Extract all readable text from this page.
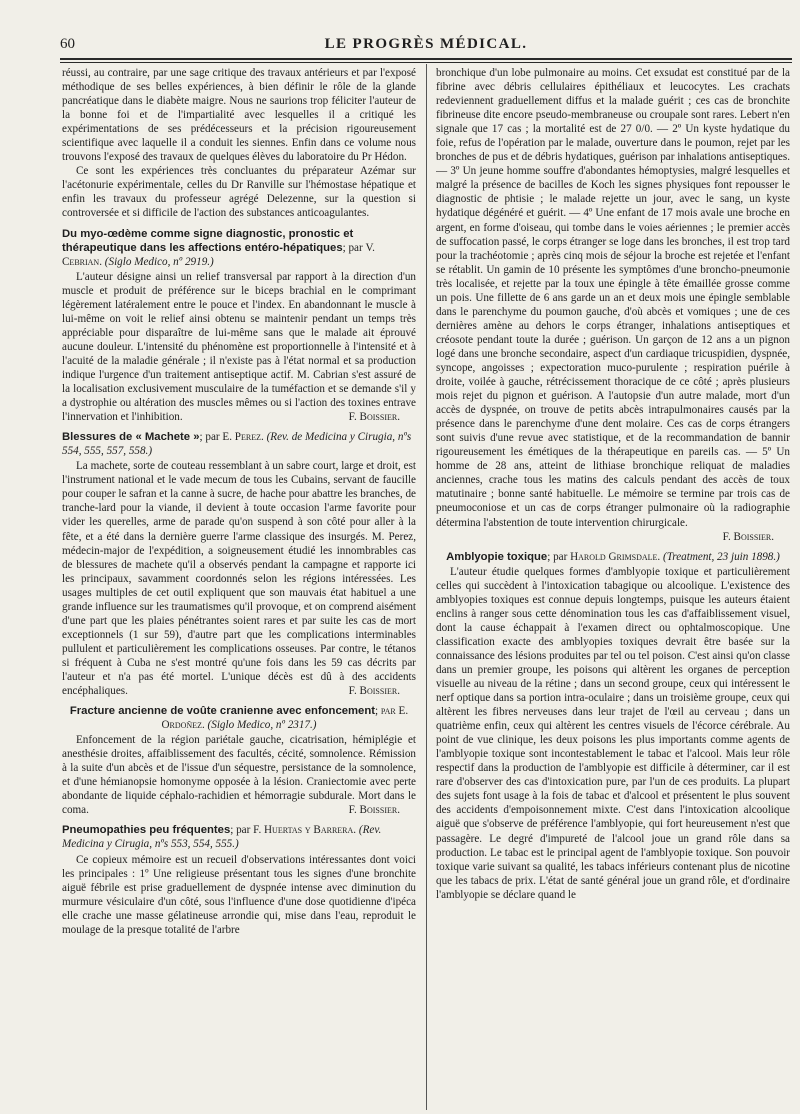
60	LE PROGRÈS MÉDICAL.

réussi, au contraire, par une sage critique des travaux antérieurs et par l'exposé méthodique de ses belles expériences, à bien définir le rôle de la glande pancréatique dans le diabète maigre. Nous ne saurions trop féliciter l'auteur de la bonne foi et de l'impartialité avec lesquelles il a critiqué les expérimentations de ses prédécesseurs et la précision rigoureusement scientifique avec laquelle il a conduit les siennes. Enfin dans ce volume nous trouvons l'exposé des travaux de quelques élèves du laboratoire du Pr Hédon.

Ce sont les expériences très concluantes du préparateur Azémar sur l'acétonurie expérimentale, celles du Dr Ranville sur l'hémostase hépatique et enfin les travaux du professeur agrégé Delezenne, sur la question si controversée et si difficile de l'action des substances anticoagulantes.

Du myo-œdème comme signe diagnostic, pronostic et thérapeutique dans les affections entéro-hépatiques; par V. Cebrian. (Siglo Medico, nº 2919.)

L'auteur désigne ainsi un relief transversal par rapport à la direction d'un muscle et produit de préférence sur le biceps brachial en le comprimant légèrement latéralement entre le pouce et l'index. En abandonnant le muscle à lui-même on voit le relief ainsi obtenu se maintenir pendant un temps très appréciable pour disparaître de lui-même sans que le malade ait éprouvé aucune douleur. L'intensité du phénomène est proportionnelle à l'intensité et à l'acuité de la maladie générale ; il n'existe pas à l'état normal et sa production indique l'urgence d'un traitement antiseptique actif. M. Cabrian s'est assuré de la localisation exclusivement musculaire de la tuméfaction et se demande s'il y a dystrophie ou altération des muscles mêmes ou si l'action des toxines entrave l'innervation et l'inhibition.	F. Boissier.

Blessures de « Machete »; par E. Perez. (Rev. de Medicina y Cirugia, nºs 554, 555, 557, 558.)

La machete, sorte de couteau ressemblant à un sabre court, large et droit, est l'instrument national et le vade mecum de tous les Cubains, servant de faucille pour couper le safran et la canne à sucre, de hache pour abattre les branches, de tranche-lard pour la viande, il devient à toute occasion l'arme favorite pour vider les querelles, arme de parade qu'on suspend à son côté pour aller à la fête, et a été dans la dernière guerre l'arme classique des insurgés. M. Perez, médecin-major de l'expédition, a soigneusement étudié les innombrables cas de blessures de machete qu'il a observés pendant la campagne et rapporte ici les principaux, savamment coordonnés selon les régions intéressées. Les usages multiples de cet outil expliquent que son mauvais état habituel a une grande influence sur les traumatismes qu'il provoque, et on comprend aisément d'une part que les plaies pénétrantes soient rares et par suite les cas de mort exceptionnels (1 sur 59), d'autre part que les complications interminables pullulent et particulièrement les complications osseuses. Par contre, le tétanos si fréquent à Cuba ne s'est montré qu'une fois dans les 59 cas décrits par l'auteur et n'a pas été mortel. L'unique décès est dû à des accidents encéphaliques.	F. Boissier.

Fracture ancienne de voûte cranienne avec enfoncement; par E. Ordoñez. (Siglo Medico, nº 2317.)

Enfoncement de la région pariétale gauche, cicatrisation, hémiplégie et anesthésie droites, affaiblissement des facultés, cécité, somnolence. Rémission à la suite d'un abcès et de l'issue d'un séquestre, persistance de la somnolence, et d'une hémianopsie homonyme opposée à la lésion. Craniectomie avec perte abondante de liquide céphalo-rachidien et hémorragie subdurale. Mort dans le coma.	F. Boissier.

Pneumopathies peu fréquentes; par F. Huertas y Barrera. (Rev. Medicina y Cirugia, nºs 553, 554, 555.)

Ce copieux mémoire est un recueil d'observations intéressantes dont voici les principales : 1º Une religieuse présentant tous les signes d'une bronchite aiguë fébrile est prise graduellement de dyspnée intense avec diminution du murmure vésiculaire d'un côté, sous l'influence d'une dose quotidienne d'ipéca elle crache une masse gélatineuse arrondie qui, mise dans l'eau, reproduit le moulage de la presque totalité de l'arbre

bronchique d'un lobe pulmonaire au moins. Cet exsudat est constitué par de la fibrine avec débris cellulaires épithéliaux et leucocytes. Les crachats redeviennent graduellement diffus et la malade guérit ; ces cas de bronchite fibrineuse dite encore pseudo-membraneuse ou croupale sont rares. Lebert n'en signale que 17 cas ; la mortalité est de 27 0/0. — 2º Un kyste hydatique du foie, refus de l'opération par le malade, ouverture dans le poumon, rejet par les bronches de pus et de débris hydatiques, guérison par inhalations antiseptiques. — 3º Un jeune homme souffre d'abondantes hémoptysies, malgré lesquelles et malgré la présence de bacilles de Koch les signes physiques font repousser le diagnostic de phtisie ; le malade rejette un jour, avec le sang, un kyste hydatique dégénéré et guérit. — 4º Une enfant de 17 mois avale une broche en argent, en forme d'oiseau, qui tombe dans le voies aériennes ; le premier accès de suffocation passé, le corps étranger se loge dans les bronches, il est trop tard pour la trachéotomie ; après cinq mois de séjour la broche est rejetée et l'enfant se rétablit. Un gamin de 10 présente les symptômes d'une broncho-pneumonie très localisée, et rejette par la toux une épingle à tête émaillée grosse comme un pois. Une fillette de 6 ans garde un an et deux mois une épingle semblable dans le parenchyme du poumon gauche, d'où abcès et vomiques ; une de ces dernières amène au dehors le corps étranger, inhalations antiseptiques et créosote pendant toute la durée ; guérison. Un garçon de 12 ans a un pignon logé dans une bronche secondaire, aspect d'un cardiaque tricuspidien, dyspnée, syncope, angoisses ; expectoration muco-purulente ; respiration puérile à droite, voilée à gauche, rétrécissement thoracique de ce côté ; après plusieurs mois rejet du pignon et guérison. A l'autopsie d'un autre malade, mort d'un accès de dyspnée, on trouve de petits abcès intrapulmonaires causés par la présence dans le parenchyme d'une dent molaire. Ces cas de corps étrangers sont suivis d'une revue avec statistique, et de la recommandation de bannir rigoureusement les émétiques de la thérapeutique en pareils cas. — 5º Un homme de 28 ans, atteint de lithiase bronchique reliquat de maladies anciennes, crache tous les matins des calculs pendant des accès de toux matutinaire ; bonne santé habituelle. Le mémoire se termine par trois cas de pneumoconiose et un cas de corps étranger pulmonaire où la radiographie détermina l'abstention de toute intervention chirurgicale.

F. Boissier.
Amblyopie toxique; par Harold Grimsdale. (Treatment, 23 juin 1898.)

L'auteur étudie quelques formes d'amblyopie toxique et particulièrement celles qui succèdent à l'intoxication tabagique ou alcoolique. L'existence des amblyopies toxiques est connue depuis longtemps, puisque les auteurs étaient enclins à ranger sous cette dénomination tous les cas d'affaiblissement visuel, dont la cause échappait à l'examen direct ou ophtalmoscopique. Une classification exacte des amblyopies toxiques devrait être basée sur la connaissance des lésions produites par tel ou tel poison. C'est ainsi qu'on classe dans un premier groupe, les poisons qui altèrent les organes de perception visuelle au niveau de la rétine ; dans un second groupe, ceux qui intéressent le nerf optique dans sa portion intra-oculaire ; dans un troisième groupe, ceux qui altèrent les fibres nerveuses dans leur trajet de l'œil au cerveau ; dans un quatrième enfin, ceux qui altèrent les centres visuels de l'écorce cérébrale. Au point de vue clinique, les deux poisons les plus importants comme agents de l'amblyopie toxique sont incontestablement le tabac et l'alcool. Mais leur rôle respectif dans la production de l'amblyopie est difficile à déterminer, car il est rare d'observer des cas d'intoxication pure, par l'un de ces produits. La plupart des sujets font usage à la fois de tabac et d'alcool et présentent le plus souvent des accidents d'empoisonnement mixte. C'est dans l'intoxication alcoolique aiguë que s'observe de préférence l'amblyopie, qui fort heureusement n'est que passagère. Le degré d'impureté de l'alcool joue un grand rôle dans sa production. Le tabac est le principal agent de l'amblyopie toxique. Son pouvoir toxique varie suivant sa qualité, les tabacs inférieurs contenant plus de nicotine que les tabacs de prix. L'état de santé général joue un grand rôle, et d'ordinaire l'amblyopie se déclare quand le
